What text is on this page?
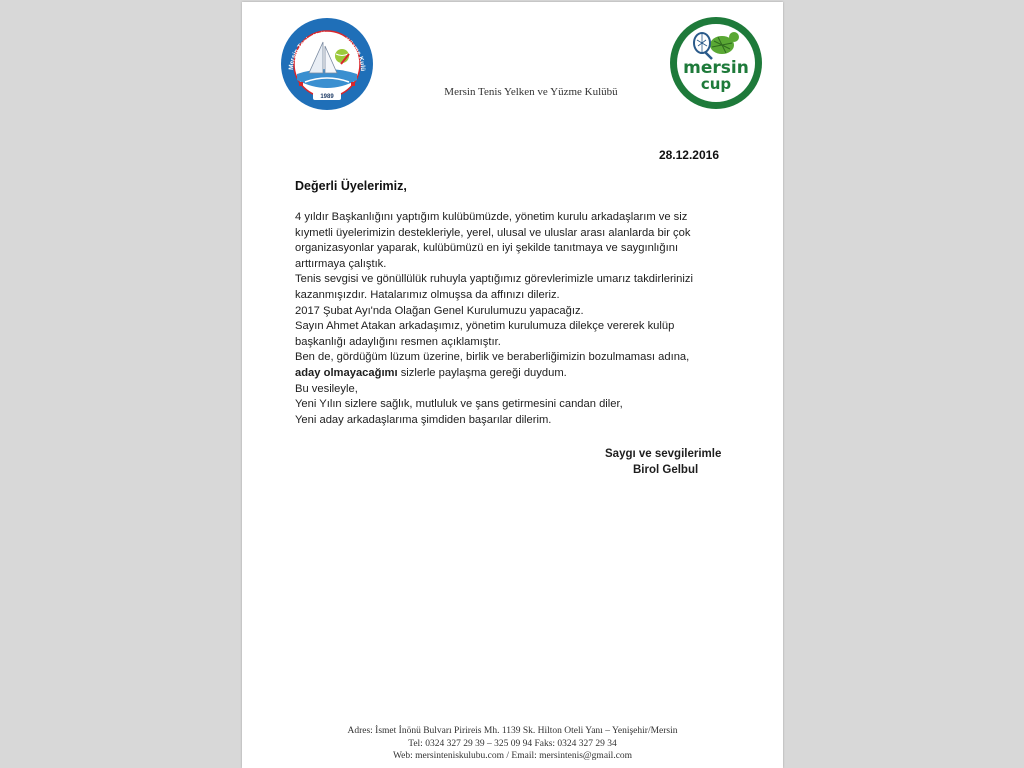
Mersin Tenis Yelken ve Yüzme Kulü
1989	Mersin Tenis Yelken ve Yüzme Kulübü
mersin
cup
28.12.2016
Değerli Üyelerimiz,

4 yıldır Başkanlığını yaptığım kulübümüzde, yönetim kurulu arkadaşlarım ve siz

kıymetli üyelerimizin destekleriyle, yerel, ulusal ve uluslar arası alanlarda bir çok

organizasyonlar yaparak, kulübümüzü en iyi şekilde tanıtmaya ve saygınlığını

arttırmaya çalıştık.

Tenis sevgisi ve gönüllülük ruhuyla yaptığımız görevlerimizle umarız takdirlerinizi

kazanmışızdır. Hatalarımız olmuşsa da affınızı dileriz.

2017 Şubat Ayı'nda Olağan Genel Kurulumuzu yapacağız.

Sayın Ahmet Atakan arkadaşımız, yönetim kurulumuza dilekçe vererek kulüp

başkanlığı adaylığını resmen açıklamıştır.

Ben de, gördüğüm lüzum üzerine, birlik ve beraberliğimizin bozulmaması adına,

aday olmayacağımı sizlerle paylaşma gereği duydum.

Bu vesileyle,

Yeni Yılın sizlere sağlık, mutluluk ve şans getirmesini candan diler,

Yeni aday arkadaşlarıma şimdiden başarılar dilerim.

Saygı ve sevgilerimle
Birol Gelbul
Adres: İsmet İnönü Bulvarı Pirireis Mh. 1139 Sk. Hilton Oteli Yanı – Yenişehir/Mersin
Tel: 0324 327 29 39 – 325 09 94 Faks: 0324 327 29 34
Web: mersinteniskulubu.com / Email: mersintenis@gmail.com
